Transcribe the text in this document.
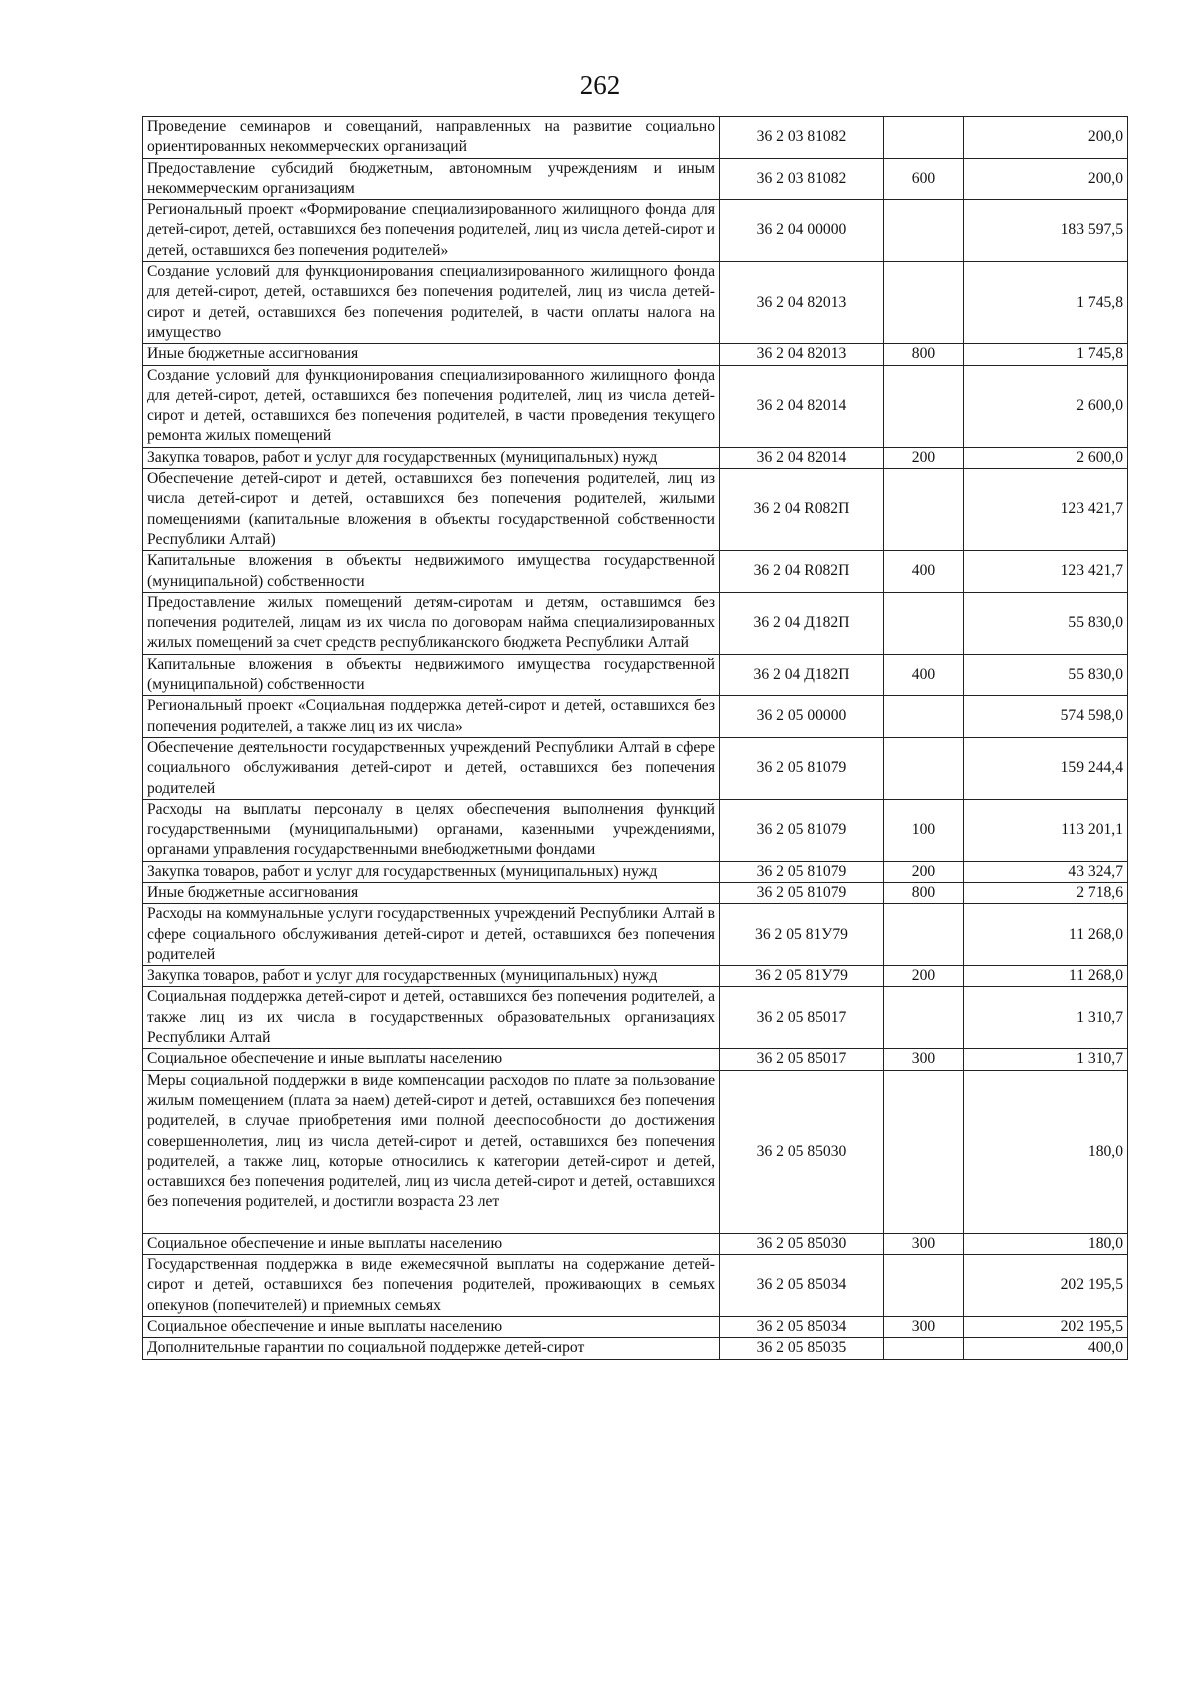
262
Проведение семинаров и совещаний, направленных на развитие социально ориентированных некоммерческих организаций	36 2 03 81082		200,0
Предоставление субсидий бюджетным, автономным учреждениям и иным некоммерческим организациям	36 2 03 81082	600	200,0
Региональный проект «Формирование специализированного жилищного фонда для детей-сирот, детей, оставшихся без попечения родителей, лиц из числа детей-сирот и детей, оставшихся без попечения родителей»	36 2 04 00000		183 597,5
Создание условий для функционирования специализированного жилищного фонда для детей-сирот, детей, оставшихся без попечения родителей, лиц из числа детей-сирот и детей, оставшихся без попечения родителей, в части оплаты налога на имущество	36 2 04 82013		1 745,8
Иные бюджетные ассигнования	36 2 04 82013	800	1 745,8
Создание условий для функционирования специализированного жилищного фонда для детей-сирот, детей, оставшихся без попечения родителей, лиц из числа детей-сирот и детей, оставшихся без попечения родителей, в части проведения текущего ремонта жилых помещений	36 2 04 82014		2 600,0
Закупка товаров, работ и услуг для государственных (муниципальных) нужд	36 2 04 82014	200	2 600,0
Обеспечение детей-сирот и детей, оставшихся без попечения родителей, лиц из числа детей-сирот и детей, оставшихся без попечения родителей, жилыми помещениями (капитальные вложения в объекты государственной собственности Республики Алтай)	36 2 04 R082П		123 421,7
Капитальные вложения в объекты недвижимого имущества государственной (муниципальной) собственности	36 2 04 R082П	400	123 421,7
Предоставление жилых помещений детям-сиротам и детям, оставшимся без попечения родителей, лицам из их числа по договорам найма специализированных жилых помещений за счет средств республиканского бюджета Республики Алтай	36 2 04 Д182П		55 830,0
Капитальные вложения в объекты недвижимого имущества государственной (муниципальной) собственности	36 2 04 Д182П	400	55 830,0
Региональный проект «Социальная поддержка детей-сирот и детей, оставшихся без попечения родителей, а также лиц из их числа»	36 2 05 00000		574 598,0
Обеспечение деятельности государственных учреждений Республики Алтай в сфере социального обслуживания детей-сирот и детей, оставшихся без попечения родителей	36 2 05 81079		159 244,4
Расходы на выплаты персоналу в целях обеспечения выполнения функций государственными (муниципальными) органами, казенными учреждениями, органами управления государственными внебюджетными фондами	36 2 05 81079	100	113 201,1
Закупка товаров, работ и услуг для государственных (муниципальных) нужд	36 2 05 81079	200	43 324,7
Иные бюджетные ассигнования	36 2 05 81079	800	2 718,6
Расходы на коммунальные услуги государственных учреждений Республики Алтай в сфере социального обслуживания детей-сирот и детей, оставшихся без попечения родителей	36 2 05 81У79		11 268,0
Закупка товаров, работ и услуг для государственных (муниципальных) нужд	36 2 05 81У79	200	11 268,0
Социальная поддержка детей-сирот и детей, оставшихся без попечения родителей, а также лиц из их числа в государственных образовательных организациях Республики Алтай	36 2 05 85017		1 310,7
Социальное обеспечение и иные выплаты населению	36 2 05 85017	300	1 310,7
Меры социальной поддержки в виде компенсации расходов по плате за пользование жилым помещением (плата за наем) детей-сирот и детей, оставшихся без попечения родителей, в случае приобретения ими полной дееспособности до достижения совершеннолетия, лиц из числа детей-сирот и детей, оставшихся без попечения родителей, а также лиц, которые относились к категории детей-сирот и детей, оставшихся без попечения родителей, лиц из числа детей-сирот и детей, оставшихся без попечения родителей, и достигли возраста 23 лет	36 2 05 85030		180,0
Социальное обеспечение и иные выплаты населению	36 2 05 85030	300	180,0
Государственная поддержка в виде ежемесячной выплаты на содержание детей-сирот и детей, оставшихся без попечения родителей, проживающих в семьях опекунов (попечителей) и приемных семьях	36 2 05 85034		202 195,5
Социальное обеспечение и иные выплаты населению	36 2 05 85034	300	202 195,5
Дополнительные гарантии по социальной поддержке детей-сирот	36 2 05 85035		400,0
